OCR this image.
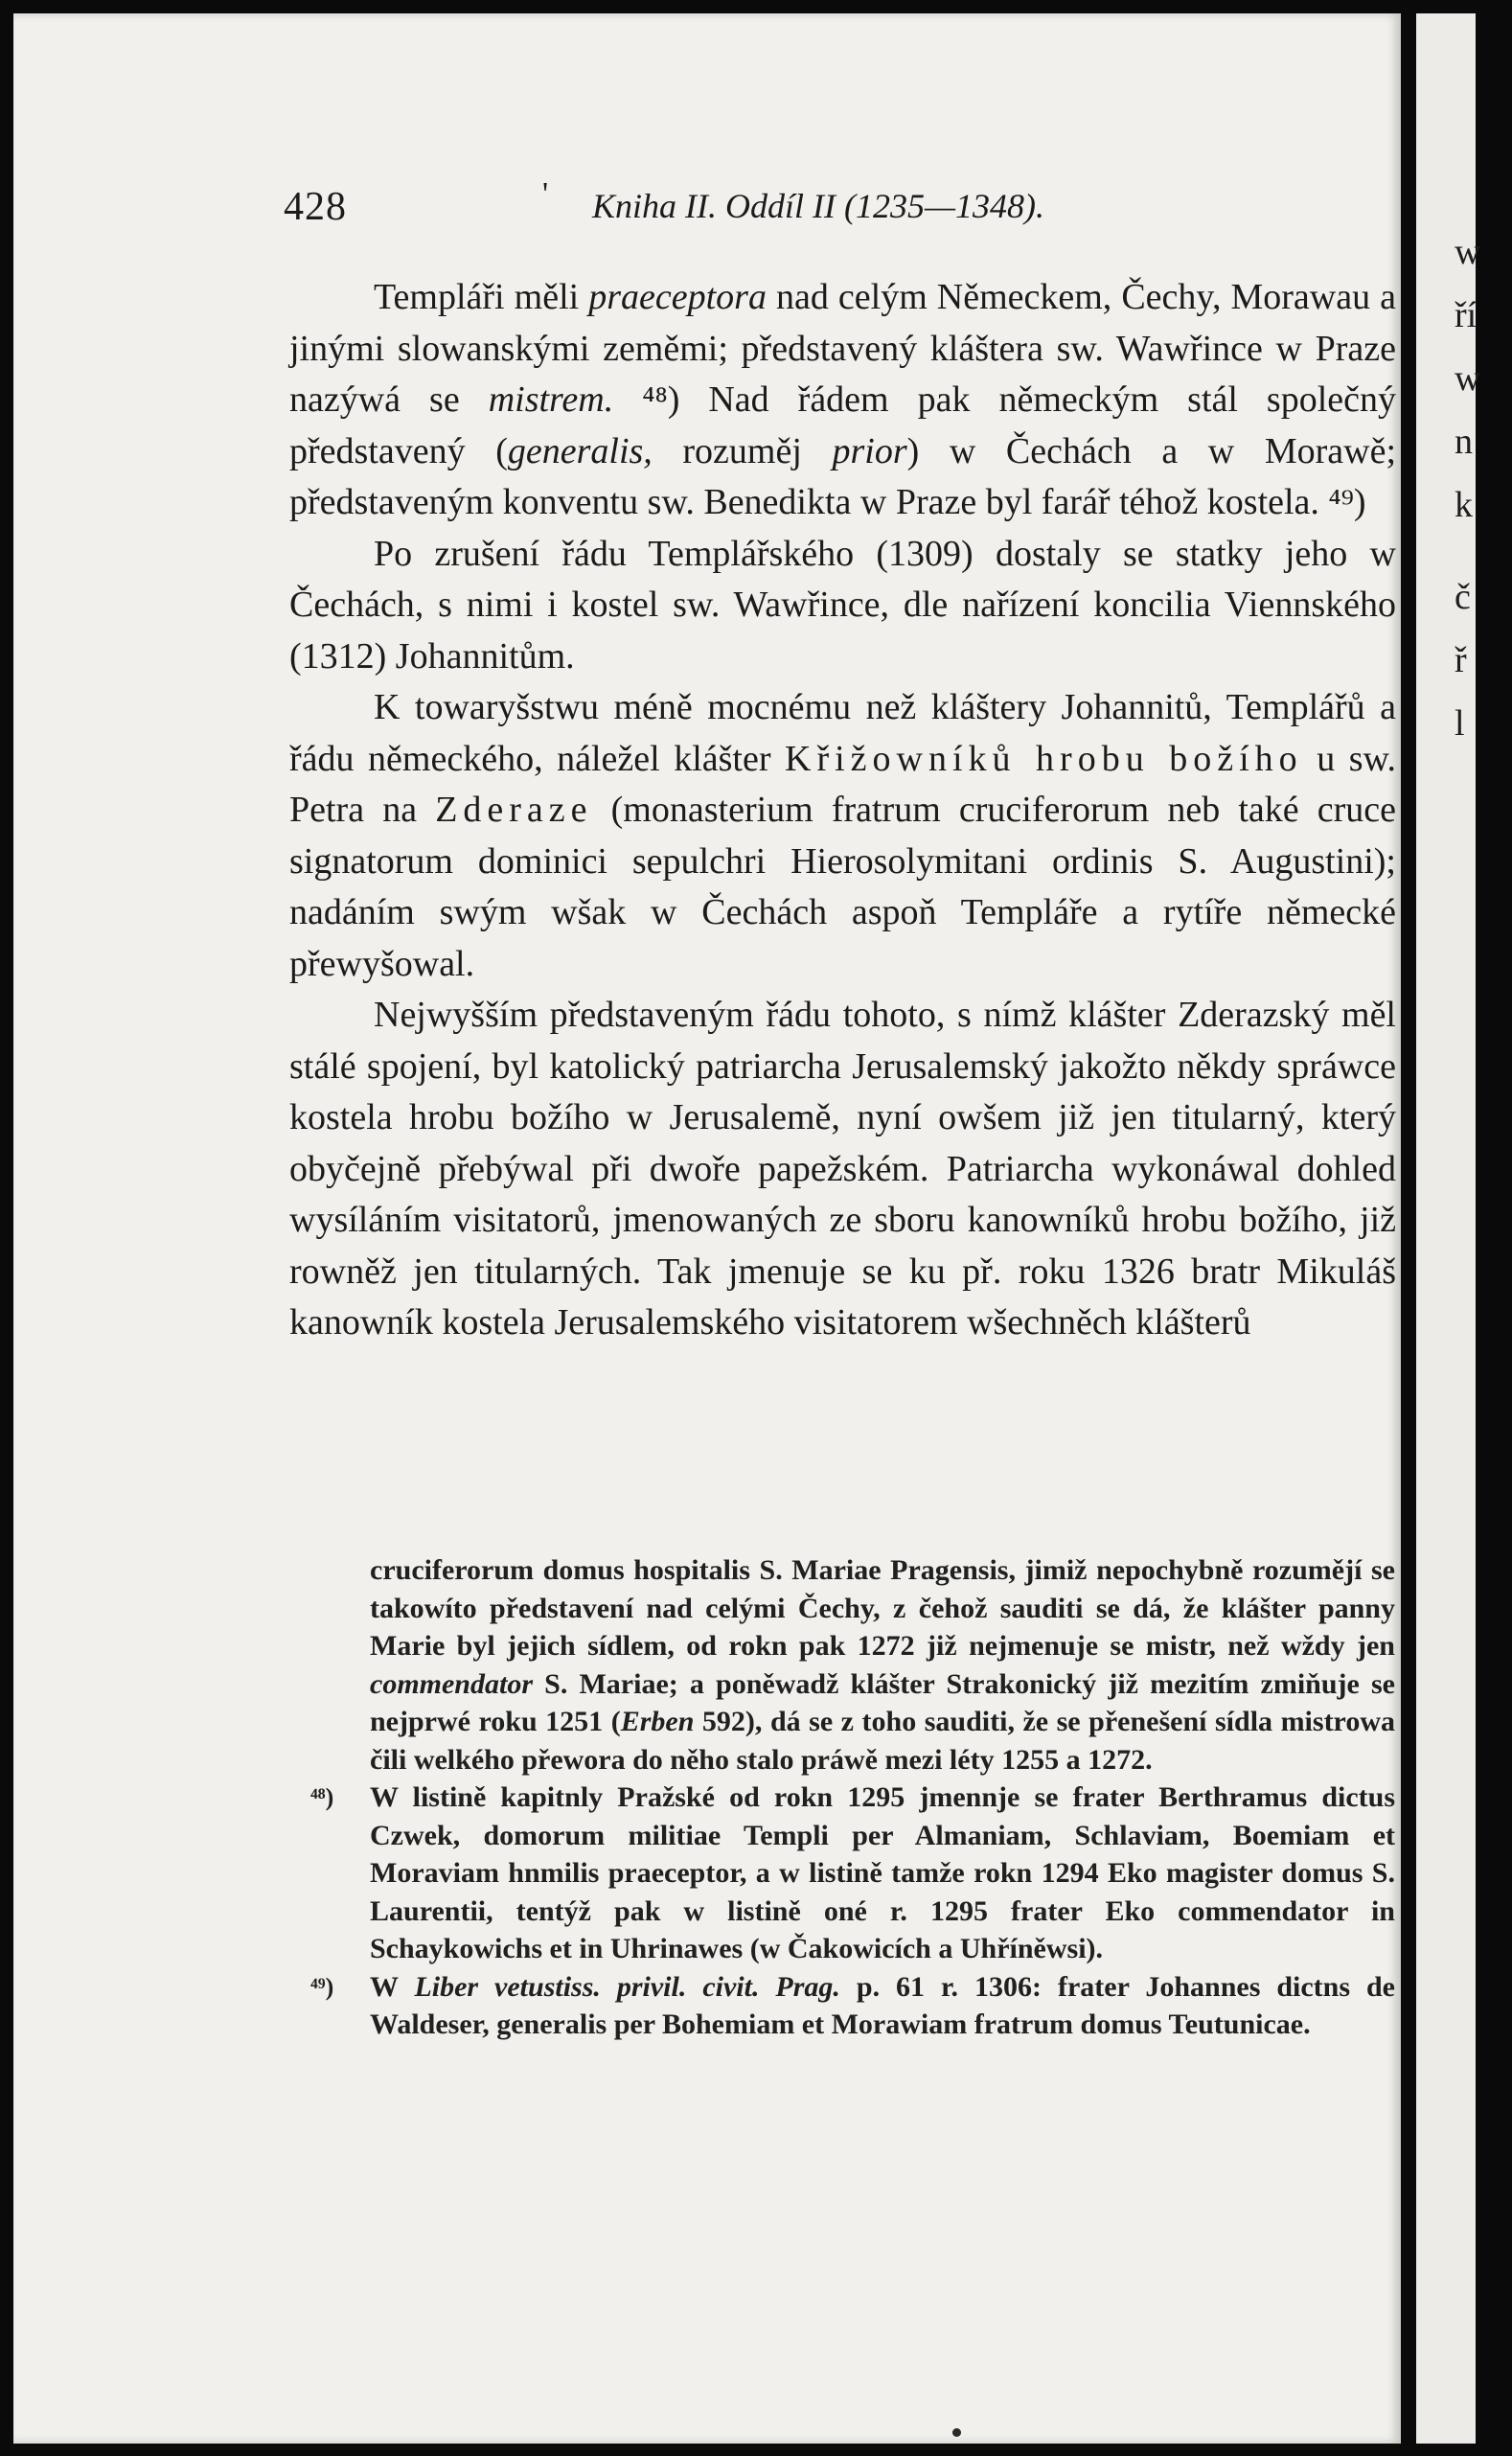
428	' Kniha II. Oddíl II (1235—1348).

Templáři měli praeceptora nad celým Německem, Čechy, Morawau a jinými slowanskými zeměmi; představený kláštera sw. Wawřince w Praze nazýwá se mistrem. ⁴⁸) Nad řádem pak německým stál společný představený (generalis, rozuměj prior) w Čechách a w Morawě; představeným konventu sw. Benedikta w Praze byl farář téhož kostela. ⁴⁹)

Po zrušení řádu Templářského (1309) dostaly se statky jeho w Čechách, s nimi i kostel sw. Wawřince, dle nařízení koncilia Viennského (1312) Johannitům.

K towaryšstwu méně mocnému než kláštery Johannitů, Templářů a řádu německého, náležel klášter Křižowníků hrobu božího u sw. Petra na Zderaze (monasterium fratrum cruciferorum neb také cruce signatorum dominici sepulchri Hierosolymitani ordinis S. Augustini); nadáním swým wšak w Čechách aspoň Templáře a rytíře německé přewyšowal.

Nejwyšším představeným řádu tohoto, s nímž klášter Zderazský měl stálé spojení, byl katolický patriarcha Jerusalemský jakožto někdy spráwce kostela hrobu božího w Jerusalemě, nyní owšem již jen titularný, který obyčejně přebýwal při dwoře papežském. Patriarcha wykonáwal dohled wysíláním visitatorů, jmenowaných ze sboru kanowníků hrobu božího, již rowněž jen titularných. Tak jmenuje se ku př. roku 1326 bratr Mikuláš kanowník kostela Jerusalemského visitatorem wšechněch klášterů

cruciferorum domus hospitalis S. Mariae Pragensis, jimiž nepochybně rozumějí se takowíto představení nad celými Čechy, z čehož sauditi se dá, že klášter panny Marie byl jejich sídlem, od rokn pak 1272 již nejmenuje se mistr, než wždy jen commendator S. Mariae; a poněwadž klášter Strakonický již mezitím zmiňuje se nejprwé roku 1251 (Erben 592), dá se z toho sauditi, že se přenešení sídla mistrowa čili welkého přewora do něho stalo práwě mezi léty 1255 a 1272.

⁴⁸) W listině kapitnly Pražské od rokn 1295 jmennje se frater Berthramus dictus Czwek, domorum militiae Templi per Almaniam, Schlaviam, Boemiam et Moraviam hnmilis praeceptor, a w listině tamže rokn 1294 Eko magister domus S. Laurentii, tentýž pak w listině oné r. 1295 frater Eko commendator in Schaykowichs et in Uhrinawes (w Čakowicích a Uhříněwsi).

⁴⁹) W Liber vetustiss. privil. civit. Prag. p. 61 r. 1306: frater Johannes dictns de Waldeser, generalis per Bohemiam et Morawiam fratrum domus Teutunicae.

w
ří
w
n
k
č
ř
l
